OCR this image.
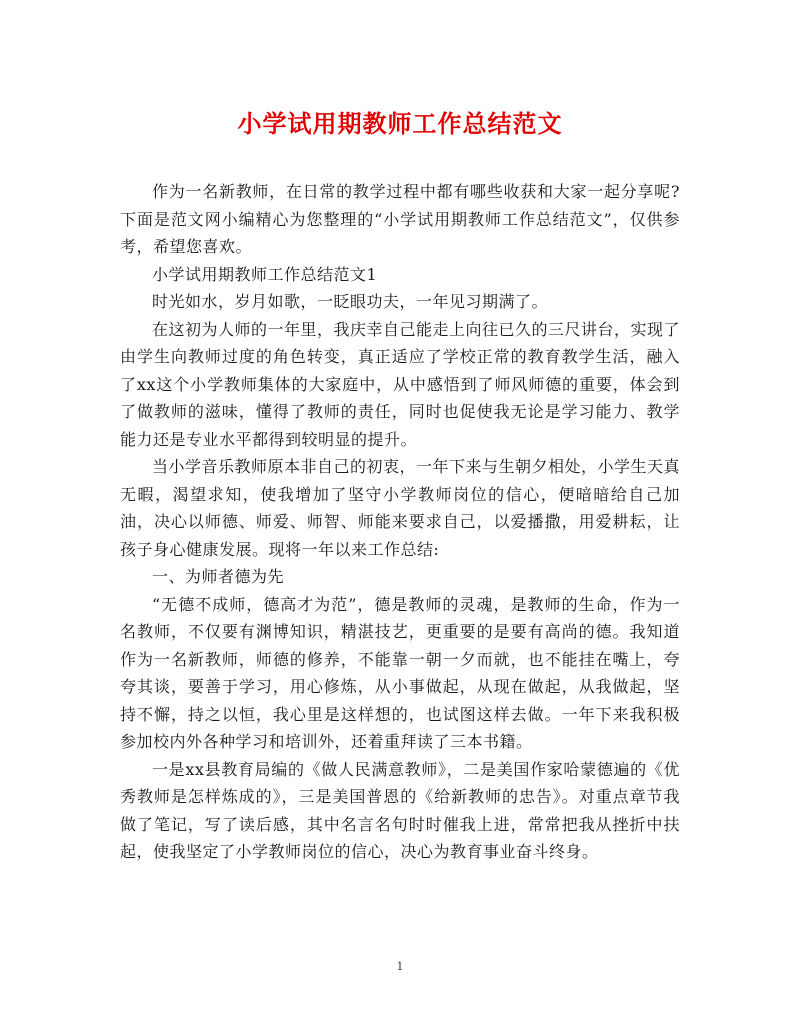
小学试用期教师工作总结范文

作为一名新教师，在日常的教学过程中都有哪些收获和大家一起分享呢?下面是范文网小编精心为您整理的“小学试用期教师工作总结范文”，仅供参考，希望您喜欢。

小学试用期教师工作总结范文1

时光如水，岁月如歌，一眨眼功夫，一年见习期满了。

在这初为人师的一年里，我庆幸自己能走上向往已久的三尺讲台，实现了由学生向教师过度的角色转变，真正适应了学校正常的教育教学生活，融入了xx这个小学教师集体的大家庭中，从中感悟到了师风师德的重要，体会到了做教师的滋味，懂得了教师的责任，同时也促使我无论是学习能力、教学能力还是专业水平都得到较明显的提升。

当小学音乐教师原本非自己的初衷，一年下来与生朝夕相处，小学生天真无暇，渴望求知，使我增加了坚守小学教师岗位的信心，便暗暗给自己加油，决心以师德、师爱、师智、师能来要求自己，以爱播撒，用爱耕耘，让孩子身心健康发展。现将一年以来工作总结:

一、为师者德为先

“无德不成师，德高才为范”，德是教师的灵魂，是教师的生命，作为一名教师，不仅要有渊博知识，精湛技艺，更重要的是要有高尚的德。我知道作为一名新教师，师德的修养，不能靠一朝一夕而就，也不能挂在嘴上，夸夸其谈，要善于学习，用心修炼，从小事做起，从现在做起，从我做起，坚持不懈，持之以恒，我心里是这样想的，也试图这样去做。一年下来我积极参加校内外各种学习和培训外，还着重拜读了三本书籍。

一是xx县教育局编的《做人民满意教师》，二是美国作家哈蒙德遍的《优秀教师是怎样炼成的》，三是美国普恩的《给新教师的忠告》。对重点章节我做了笔记，写了读后感，其中名言名句时时催我上进，常常把我从挫折中扶起，使我坚定了小学教师岗位的信心，决心为教育事业奋斗终身。

1
